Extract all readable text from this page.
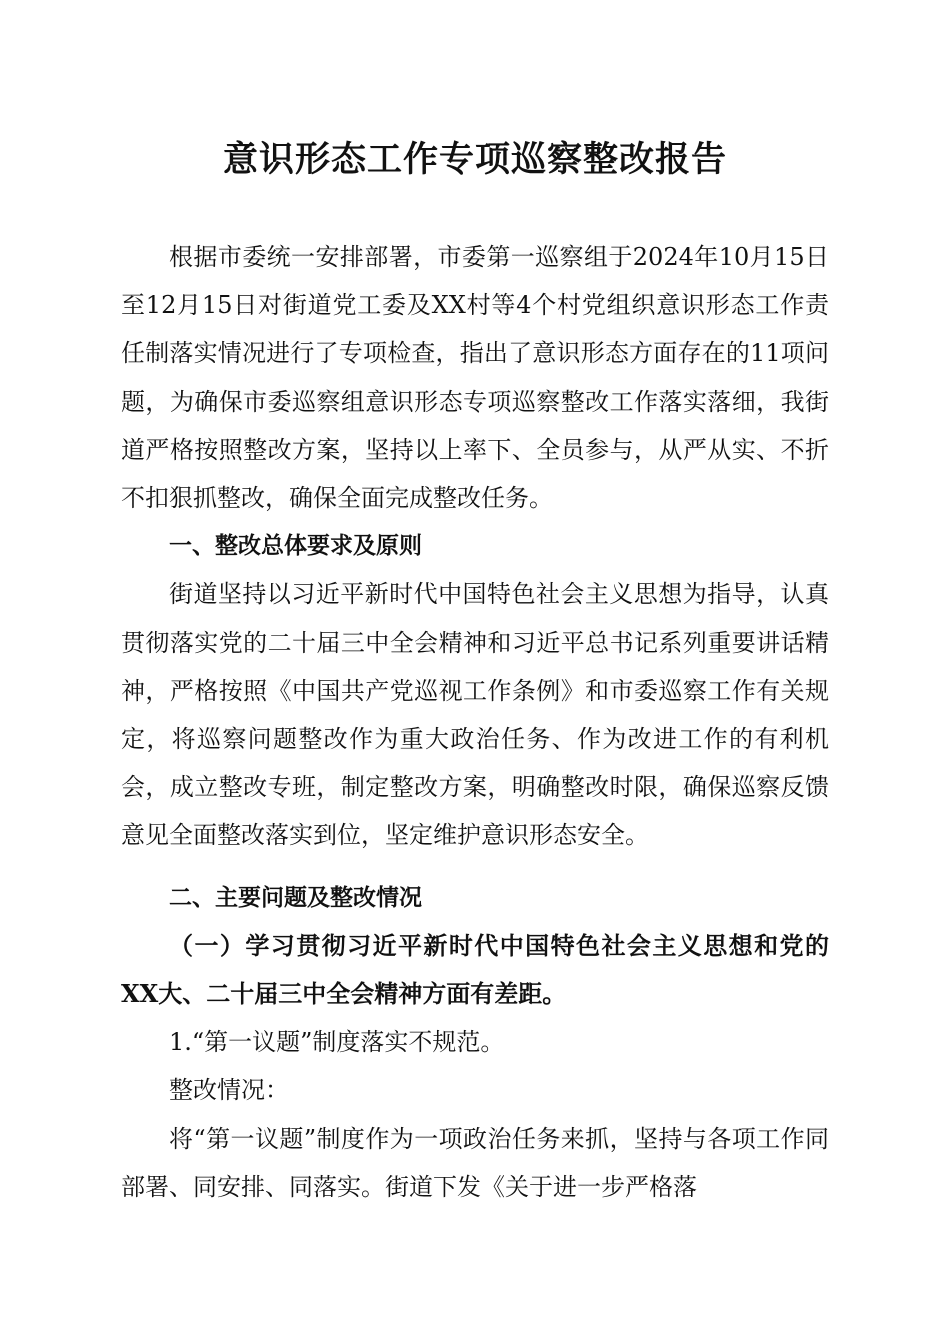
意识形态工作专项巡察整改报告

根据市委统一安排部署，市委第一巡察组于2024年10月15日至12月15日对街道党工委及XX村等4个村党组织意识形态工作责任制落实情况进行了专项检查，指出了意识形态方面存在的11项问题，为确保市委巡察组意识形态专项巡察整改工作落实落细，我街道严格按照整改方案，坚持以上率下、全员参与，从严从实、不折不扣狠抓整改，确保全面完成整改任务。

一、整改总体要求及原则

街道坚持以习近平新时代中国特色社会主义思想为指导，认真贯彻落实党的二十届三中全会精神和习近平总书记系列重要讲话精神，严格按照《中国共产党巡视工作条例》和市委巡察工作有关规定，将巡察问题整改作为重大政治任务、作为改进工作的有利机会，成立整改专班，制定整改方案，明确整改时限，确保巡察反馈意见全面整改落实到位，坚定维护意识形态安全。

二、主要问题及整改情况

（一）学习贯彻习近平新时代中国特色社会主义思想和党的XX大、二十届三中全会精神方面有差距。

1.“第一议题”制度落实不规范。

整改情况：

将“第一议题”制度作为一项政治任务来抓，坚持与各项工作同部署、同安排、同落实。街道下发《关于进一步严格落
